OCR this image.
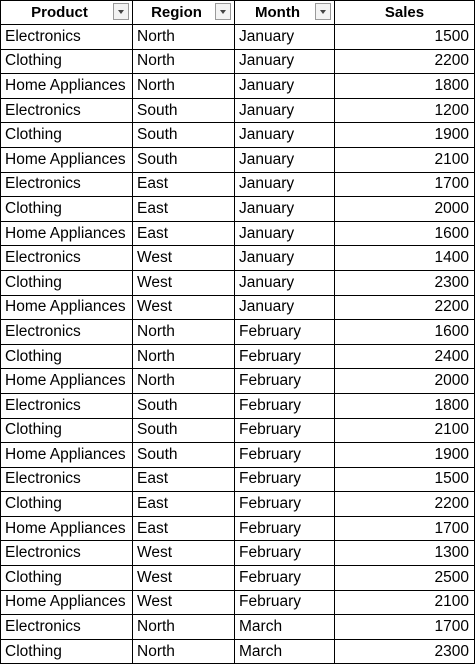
Product	Region	Month	Sales
Electronics	North	January	1500
Clothing	North	January	2200
Home Appliances	North	January	1800
Electronics	South	January	1200
Clothing	South	January	1900
Home Appliances	South	January	2100
Electronics	East	January	1700
Clothing	East	January	2000
Home Appliances	East	January	1600
Electronics	West	January	1400
Clothing	West	January	2300
Home Appliances	West	January	2200
Electronics	North	February	1600
Clothing	North	February	2400
Home Appliances	North	February	2000
Electronics	South	February	1800
Clothing	South	February	2100
Home Appliances	South	February	1900
Electronics	East	February	1500
Clothing	East	February	2200
Home Appliances	East	February	1700
Electronics	West	February	1300
Clothing	West	February	2500
Home Appliances	West	February	2100
Electronics	North	March	1700
Clothing	North	March	2300
